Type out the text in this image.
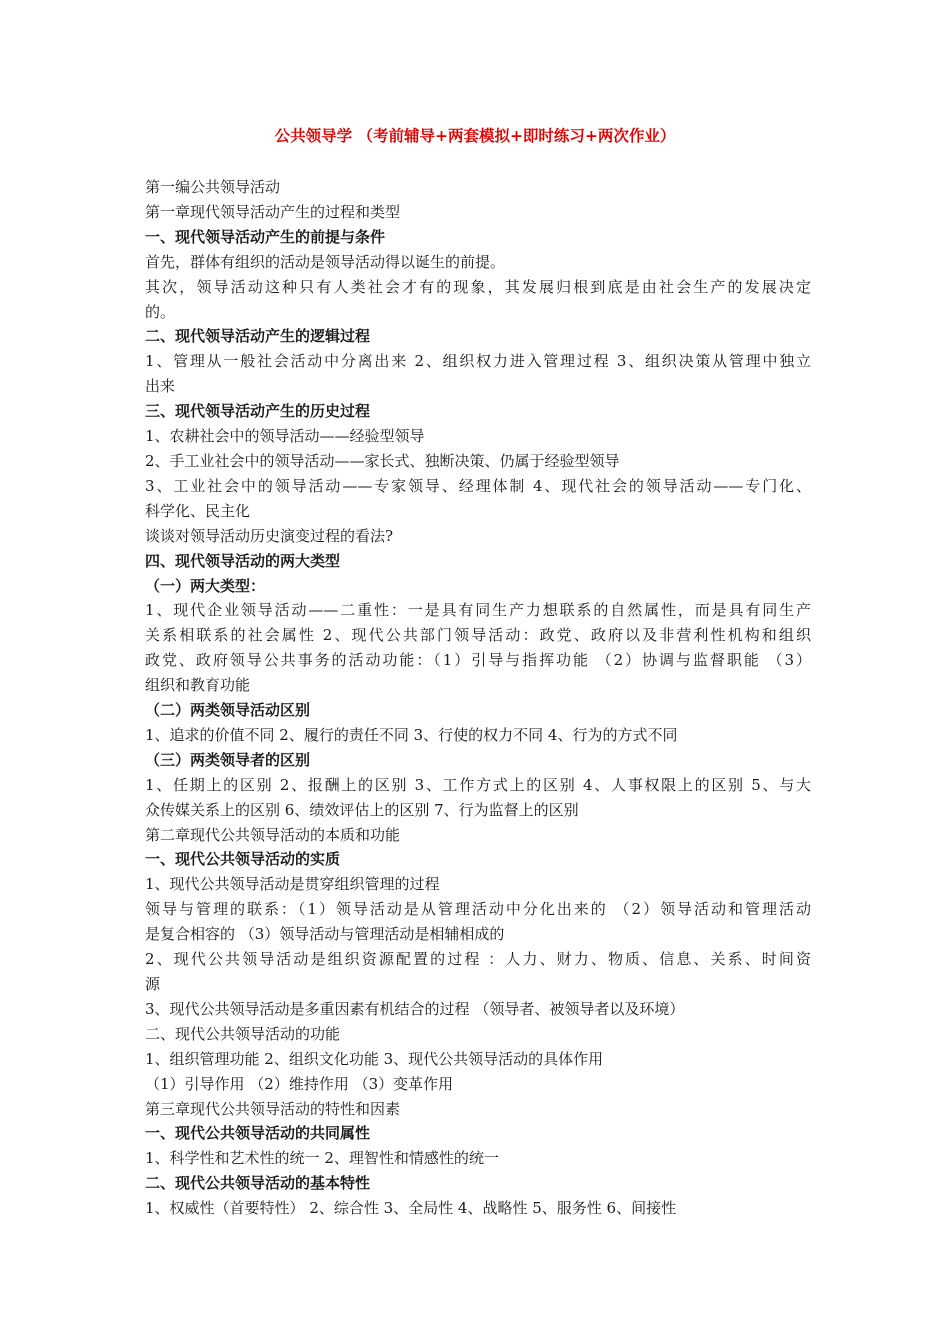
公共领导学 （考前辅导+两套模拟+即时练习+两次作业）
第一编公共领导活动
第一章现代领导活动产生的过程和类型
一、现代领导活动产生的前提与条件
首先，群体有组织的活动是领导活动得以诞生的前提。
其次，领导活动这种只有人类社会才有的现象，其发展归根到底是由社会生产的发展决定
的。
二、现代领导活动产生的逻辑过程
1、管理从一般社会活动中分离出来 2、组织权力进入管理过程 3、组织决策从管理中独立
出来
三、现代领导活动产生的历史过程
1、农耕社会中的领导活动——经验型领导
2、手工业社会中的领导活动——家长式、独断决策、仍属于经验型领导
3、工业社会中的领导活动——专家领导、经理体制 4、现代社会的领导活动——专门化、
科学化、民主化
谈谈对领导活动历史演变过程的看法?
四、现代领导活动的两大类型
（一）两大类型：
1、现代企业领导活动——二重性：一是具有同生产力想联系的自然属性，而是具有同生产
关系相联系的社会属性 2、现代公共部门领导活动：政党、政府以及非营利性机构和组织
政党、政府领导公共事务的活动功能：（1）引导与指挥功能 （2）协调与监督职能 （3）
组织和教育功能
（二）两类领导活动区别
1、追求的价值不同 2、履行的责任不同 3、行使的权力不同 4、行为的方式不同
（三）两类领导者的区别
1、任期上的区别 2、报酬上的区别 3、工作方式上的区别 4、人事权限上的区别 5、与大
众传媒关系上的区别 6、绩效评估上的区别 7、行为监督上的区别
第二章现代公共领导活动的本质和功能
一、现代公共领导活动的实质
1、现代公共领导活动是贯穿组织管理的过程
领导与管理的联系：（1）领导活动是从管理活动中分化出来的 （2）领导活动和管理活动
是复合相容的 （3）领导活动与管理活动是相辅相成的
2、现代公共领导活动是组织资源配置的过程 ：人力、财力、物质、信息、关系、时间资
源
3、现代公共领导活动是多重因素有机结合的过程 （领导者、被领导者以及环境）
二、现代公共领导活动的功能
1、组织管理功能 2、组织文化功能 3、现代公共领导活动的具体作用
（1）引导作用 （2）维持作用 （3）变革作用
第三章现代公共领导活动的特性和因素
一、现代公共领导活动的共同属性
1、科学性和艺术性的统一 2、理智性和情感性的统一
二、现代公共领导活动的基本特性
1、权威性（首要特性） 2、综合性 3、全局性 4、战略性 5、服务性 6、间接性
